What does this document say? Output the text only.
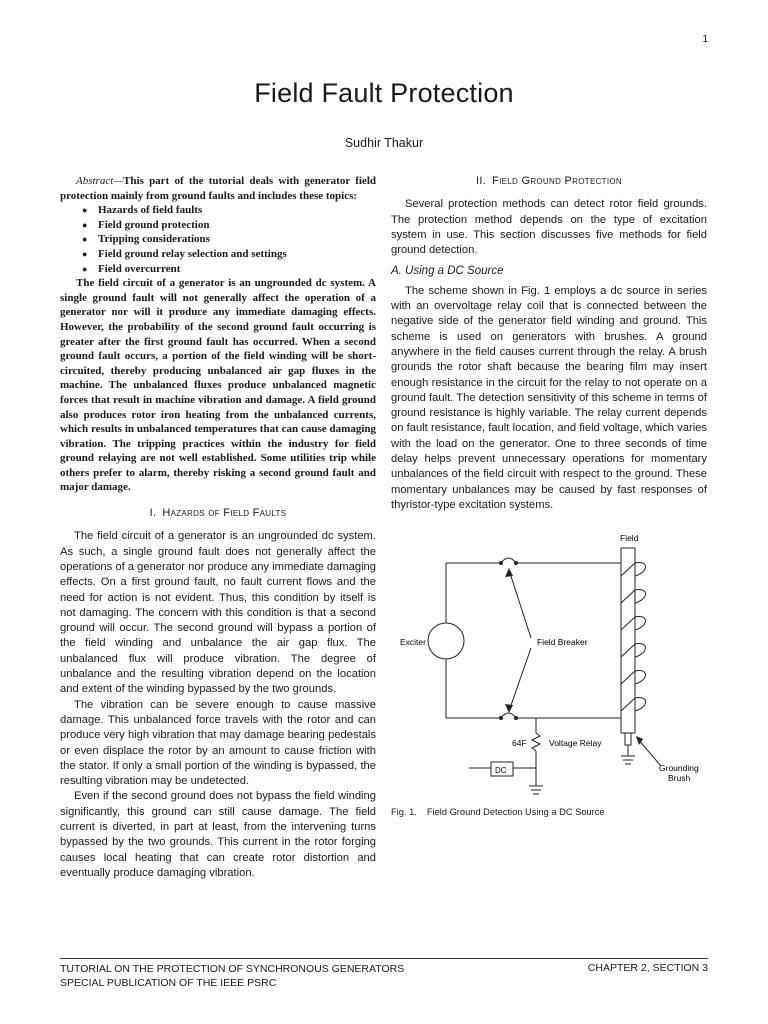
1
Field Fault Protection
Sudhir Thakur

Abstract—This part of the tutorial deals with generator field protection mainly from ground faults and includes these topics:

● Hazards of field faults
● Field ground protection
● Tripping considerations
● Field ground relay selection and settings
● Field overcurrent

The field circuit of a generator is an ungrounded dc system. A single ground fault will not generally affect the operation of a generator nor will it produce any immediate damaging effects. However, the probability of the second ground fault occurring is greater after the first ground fault has occurred. When a second ground fault occurs, a portion of the field winding will be short-circuited, thereby producing unbalanced air gap fluxes in the machine. The unbalanced fluxes produce unbalanced magnetic forces that result in machine vibration and damage. A field ground also produces rotor iron heating from the unbalanced currents, which results in unbalanced temperatures that can cause damaging vibration. The tripping practices within the industry for field ground relaying are not well established. Some utilities trip while others prefer to alarm, thereby risking a second ground fault and major damage.

I. Hazards of Field Faults

The field circuit of a generator is an ungrounded dc system. As such, a single ground fault does not generally affect the operations of a generator nor produce any immediate damaging effects. On a first ground fault, no fault current flows and the need for action is not evident. Thus, this condition by itself is not damaging. The concern with this condition is that a second ground will occur. The second ground will bypass a portion of the field winding and unbalance the air gap flux. The unbalanced flux will produce vibration. The degree of unbalance and the resulting vibration depend on the location and extent of the winding bypassed by the two grounds.

The vibration can be severe enough to cause massive damage. This unbalanced force travels with the rotor and can produce very high vibration that may damage bearing pedestals or even displace the rotor by an amount to cause friction with the stator. If only a small portion of the winding is bypassed, the resulting vibration may be undetected.

Even if the second ground does not bypass the field winding significantly, this ground can still cause damage. The field current is diverted, in part at least, from the intervening turns bypassed by the two grounds. This current in the rotor forging causes local heating that can create rotor distortion and eventually produce damaging vibration.

II. Field Ground Protection

Several protection methods can detect rotor field grounds. The protection method depends on the type of excitation system in use. This section discusses five methods for field ground detection.

A. Using a DC Source

The scheme shown in Fig. 1 employs a dc source in series with an overvoltage relay coil that is connected between the negative side of the generator field winding and ground. This scheme is used on generators with brushes. A ground anywhere in the field causes current through the relay. A brush grounds the rotor shaft because the bearing film may insert enough resistance in the circuit for the relay to not operate on a ground fault. The detection sensitivity of this scheme in terms of ground resistance is highly variable. The relay current depends on fault resistance, fault location, and field voltage, which varies with the load on the generator. One to three seconds of time delay helps prevent unnecessary operations for momentary unbalances of the field circuit with respect to the ground. These momentary unbalances may be caused by fast responses of thyristor-type excitation systems.

Field
Exciter	Field Breaker
64F	Voltage Relay
DC	Grounding
Brush
Fig. 1. Field Ground Detection Using a DC Source
TUTORIAL ON THE PROTECTION OF SYNCHRONOUS GENERATORS
SPECIAL PUBLICATION OF THE IEEE PSRC
CHAPTER 2, SECTION 3
